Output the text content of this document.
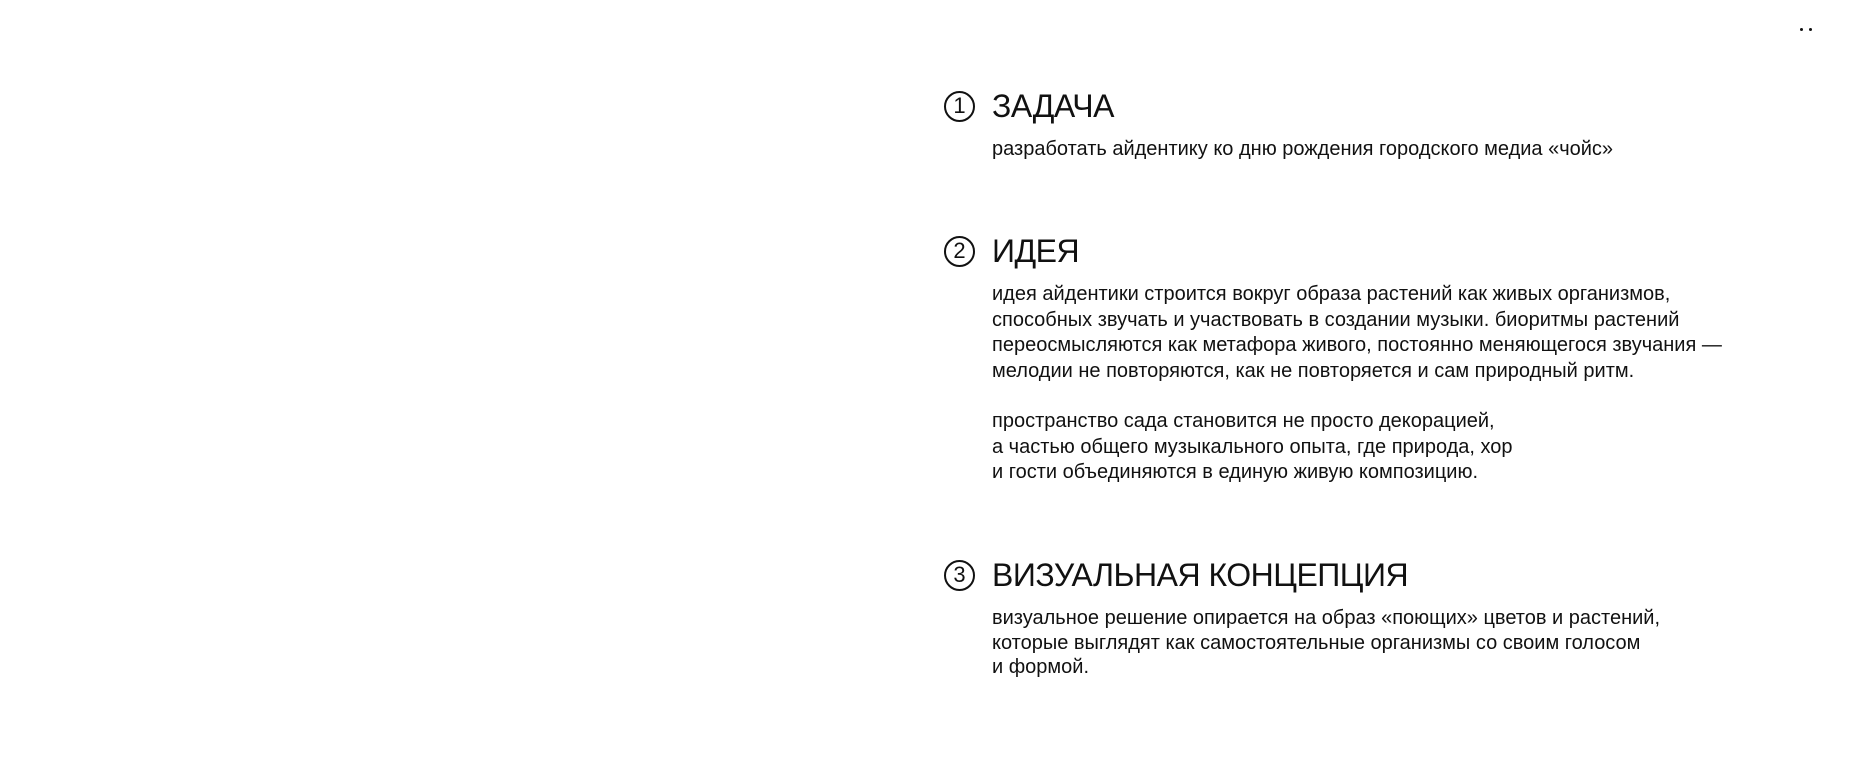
1 ЗАДАЧА

разработать айдентику ко дню рождения городского медиа «чойс»

2 ИДЕЯ

идея айдентики строится вокруг образа растений как живых организмов,
способных звучать и участвовать в создании музыки. биоритмы растений
переосмысляются как метафора живого, постоянно меняющегося звучания —
мелодии не повторяются, как не повторяется и сам природный ритм.

пространство сада становится не просто декорацией,
а частью общего музыкального опыта, где природа, хор
и гости объединяются в единую живую композицию.

3 ВИЗУАЛЬНАЯ КОНЦЕПЦИЯ

визуальное решение опирается на образ «поющих» цветов и растений,
которые выглядят как самостоятельные организмы со своим голосом
и формой.
